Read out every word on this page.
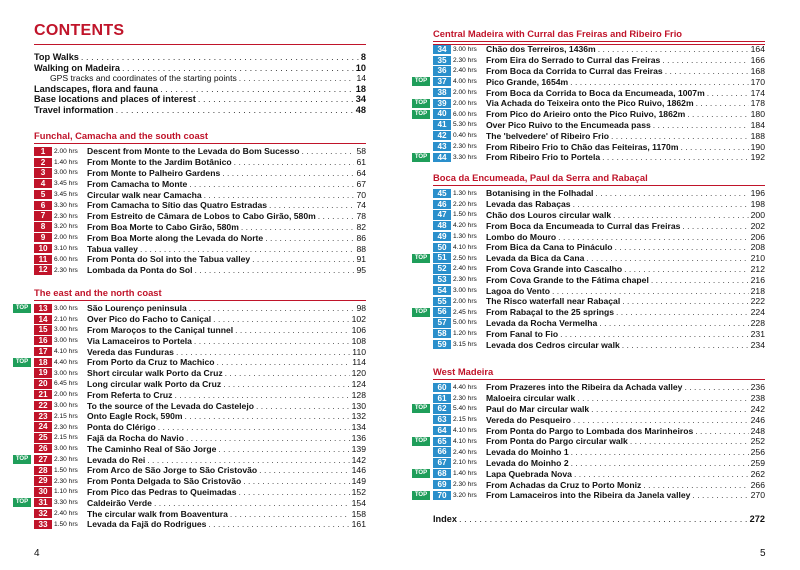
CONTENTS
Top Walks . . .	8
Walking on Madeira . . .	10
GPS tracks and coordinates of the starting points . . .	14
Landscapes, flora and fauna . . .	18
Base locations and places of interest . . .	34
Travel information . . .	48
Funchal, Camacha and the south coast
1	2.00 hrs	Descent from Monte to the Levada do Bom Sucesso . . .	58
2	1.40 hrs	From Monte to the Jardim Botânico . . .	61
3	3.00 hrs	From Monte to Palheiro Gardens . . .	64
4	3.45 hrs	From Camacha to Monte . . .	67
5	3.45 hrs	Circular walk near Camacha . . .	70
6	3.30 hrs	From Camacha to Sítio das Quatro Estradas . . .	74
7	2.30 hrs	From Estreito de Câmara de Lobos to Cabo Girão, 580m . . .	78
8	3.20 hrs	From Boa Morte to Cabo Girão, 580m . . .	82
9	2.00 hrs	From Boa Morte along the Levada do Norte . . .	86
10 3.10 hrs	Tabua valley . . .	88
11	6.00 hrs	From Ponta do Sol into the Tabua valley . . .	91
12 2.30 hrs	Lombada da Ponta do Sol . . .	95
The east and the north coast
TOP	13 3.00 hrs	São Lourenço peninsula . . .	98
14 2.10 hrs	Over Pico do Facho to Caniçal . . .	102
15 3.00 hrs	From Maroços to the Caniçal tunnel . . .	106
16 3.00 hrs	Via Lamaceiros to Portela . . .	108
17 4.10 hrs	Vereda das Funduras . . .	110
TOP	18 4.40 hrs	From Porto da Cruz to Machico . . .	114
19 3.00 hrs	Short circular walk Porto da Cruz . . .	120
20 6.45 hrs	Long circular walk Porto da Cruz . . .	124
21 2.00 hrs	From Referta to Cruz . . .	128
22 3.00 hrs	To the source of the Levada do Castelejo . . .	130
23 2.15 hrs	Onto Eagle Rock, 590m . . .	132
24 2.30 hrs	Ponta do Clérigo . . .	134
25 2.15 hrs	Fajã da Rocha do Navio . . .	136
26 3.00 hrs	The Caminho Real of São Jorge . . .	139
TOP	27 2.30 hrs	Levada do Rei . . .	142
28 1.50 hrs	From Arco de São Jorge to São Cristovão . . .	146
29 2.30 hrs	From Ponta Delgada to São Cristovão . . .	149
30 1.10 hrs	From Pico das Pedras to Queimadas . . .	152
TOP	31 3.30 hrs	Caldeirão Verde . . .	154
32 2.40 hrs	The circular walk from Boaventura . . .	158
33 1.50 hrs	Levada da Fajã do Rodrigues . . .	161
Central Madeira with Curral das Freiras and Ribeiro Frio
34 3.00 hrs	Chão dos Terreiros, 1436m . . .	164
35 2.30 hrs	From Eira do Serrado to Curral das Freiras . . .	166
36 2.40 hrs	From Boca da Corrida to Curral das Freiras . . .	168
TOP	37 4.00 hrs	Pico Grande, 1654m . . .	170
38 2.00 hrs	From Boca da Corrida to Boca da Encumeada, 1007m . . .	174
TOP	39 2.00 hrs	Via Achada do Teixeira onto the Pico Ruivo, 1862m . . .	178
TOP	40 6.00 hrs	From Pico do Arieiro onto the Pico Ruivo, 1862m . . .	180
41 5.30 hrs	Over Pico Ruivo to the Encumeada pass . . .	184
42 0.40 hrs	The 'belvedere' of Ribeiro Frio . . .	188
43 2.30 hrs	From Ribeiro Frio to Chão das Feiteiras, 1170m . . .	190
TOP	44 3.30 hrs	From Ribeiro Frio to Portela . . .	192
Boca da Encumeada, Paul da Serra and Rabaçal
45 1.30 hrs	Botanising in the Folhadal . . .	196
46 2.20 hrs	Levada das Rabaças . . .	198
47 1.50 hrs	Chão dos Louros circular walk . . .	200
48 4.20 hrs	From Boca da Encumeada to Curral das Freiras . . .	202
49 1.30 hrs	Lombo do Mouro . . .	206
50 4.10 hrs	From Bica da Cana to Pináculo . . .	208
TOP	51 2.50 hrs	Levada da Bica da Cana . . .	210
52 2.40 hrs	From Cova Grande into Cascalho . . .	212
53 2.30 hrs	From Cova Grande to the Fátima chapel . . .	216
54 3.00 hrs	Lagoa do Vento . . .	218
55 2.00 hrs	The Risco waterfall near Rabaçal . . .	222
TOP	56 2.45 hrs	From Rabaçal to the 25 springs . . .	224
57 5.00 hrs	Levada da Rocha Vermelha . . .	228
58 1.20 hrs	From Fanal to Fio . . .	231
59 3.15 hrs	Levada dos Cedros circular walk . . .	234
West Madeira
60 4.40 hrs	From Prazeres into the Ribeira da Achada valley . . .	236
61 2.30 hrs	Maloeira circular walk . . .	238
TOP	62 5.40 hrs	Paul do Mar circular walk . . .	242
63 2.15 hrs	Vereda do Pesqueiro . . .	246
64 4.10 hrs	From Ponta do Pargo to Lombada dos Marinheiros . . .	248
TOP	65 4.10 hrs	From Ponta do Pargo circular walk . . .	252
66 2.40 hrs	Levada do Moinho 1 . . .	256
67 2.10 hrs	Levada do Moinho 2 . . .	259
TOP	68 1.40 hrs	Lapa Quebrada Nova . . .	262
69 2.30 hrs	From Achadas da Cruz to Porto Moniz . . .	266
TOP	70 3.20 hrs	From Lamaceiros into the Ribeira da Janela valley . . .	270
Index . . .	272
4	5
